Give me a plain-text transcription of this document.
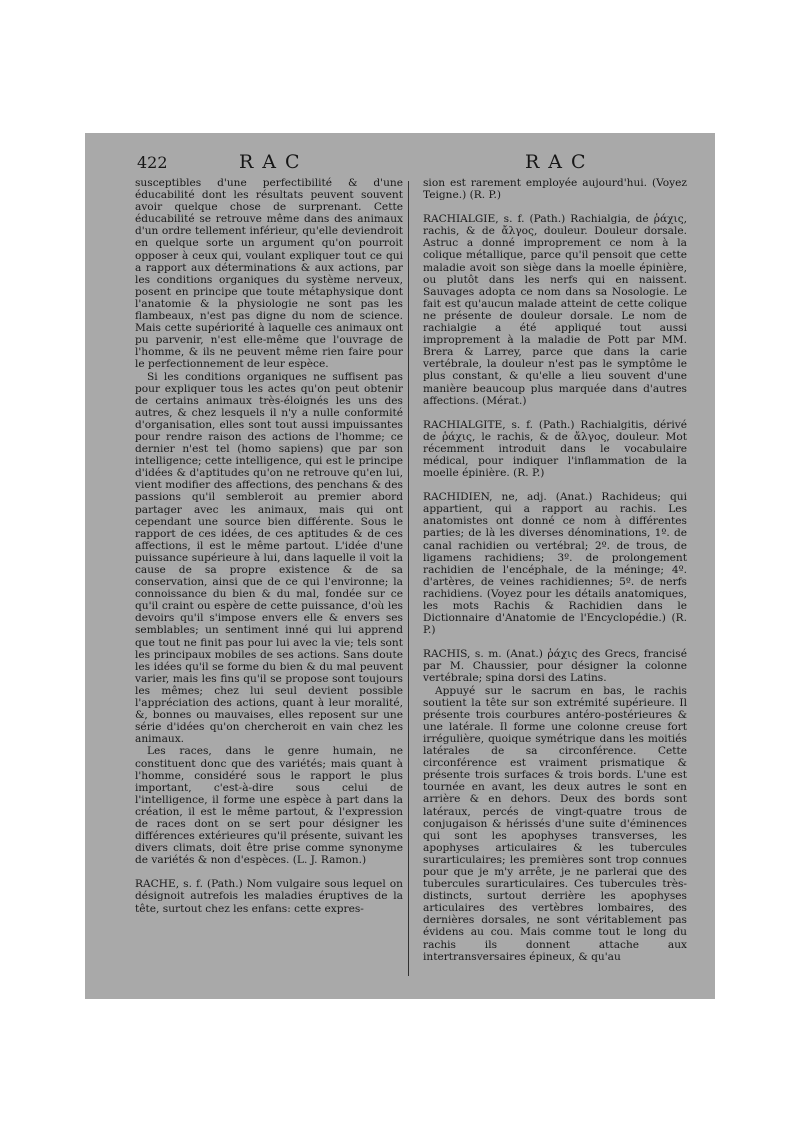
422	RAC	RAC

susceptibles d'une perfectibilité & d'une éducabilité dont les résultats peuvent souvent avoir quelque chose de surprenant. Cette éducabilité se retrouve même dans des animaux d'un ordre tellement inférieur, qu'elle deviendroit en quelque sorte un argument qu'on pourroit opposer à ceux qui, voulant expliquer tout ce qui a rapport aux déterminations & aux actions, par les conditions organiques du système nerveux, posent en principe que toute métaphysique dont l'anatomie & la physiologie ne sont pas les flambeaux, n'est pas digne du nom de science. Mais cette supériorité à laquelle ces animaux ont pu parvenir, n'est elle-même que l'ouvrage de l'homme, & ils ne peuvent même rien faire pour le perfectionnement de leur espèce.

Si les conditions organiques ne suffisent pas pour expliquer tous les actes qu'on peut obtenir de certains animaux très-éloignés les uns des autres, & chez lesquels il n'y a nulle conformité d'organisation, elles sont tout aussi impuissantes pour rendre raison des actions de l'homme; ce dernier n'est tel (homo sapiens) que par son intelligence; cette intelligence, qui est le principe d'idées & d'aptitudes qu'on ne retrouve qu'en lui, vient modifier des affections, des penchans & des passions qu'il sembleroit au premier abord partager avec les animaux, mais qui ont cependant une source bien différente. Sous le rapport de ces idées, de ces aptitudes & de ces affections, il est le même partout. L'idée d'une puissance supérieure à lui, dans laquelle il voit la cause de sa propre existence & de sa conservation, ainsi que de ce qui l'environne; la connoissance du bien & du mal, fondée sur ce qu'il craint ou espère de cette puissance, d'où les devoirs qu'il s'impose envers elle & envers ses semblables; un sentiment inné qui lui apprend que tout ne finit pas pour lui avec la vie; tels sont les principaux mobiles de ses actions. Sans doute les idées qu'il se forme du bien & du mal peuvent varier, mais les fins qu'il se propose sont toujours les mêmes; chez lui seul devient possible l'appréciation des actions, quant à leur moralité, &, bonnes ou mauvaises, elles reposent sur une série d'idées qu'on chercheroit en vain chez les animaux.

Les races, dans le genre humain, ne constituent donc que des variétés; mais quant à l'homme, considéré sous le rapport le plus important, c'est-à-dire sous celui de l'intelligence, il forme une espèce à part dans la création, il est le même partout, & l'expression de races dont on se sert pour désigner les différences extérieures qu'il présente, suivant les divers climats, doit être prise comme synonyme de variétés & non d'espèces. (L. J. Ramon.)

RACHE, s. f. (Path.) Nom vulgaire sous lequel on désignoit autrefois les maladies éruptives de la tête, surtout chez les enfans: cette expres-

sion est rarement employée aujourd'hui. (Voyez Teigne.) (R. P.)

RACHIALGIE, s. f. (Path.) Rachialgia, de ῥάχις, rachis, & de ἄλγος, douleur. Douleur dorsale. Astruc a donné improprement ce nom à la colique métallique, parce qu'il pensoit que cette maladie avoit son siège dans la moelle épinière, ou plutôt dans les nerfs qui en naissent. Sauvages adopta ce nom dans sa Nosologie. Le fait est qu'aucun malade atteint de cette colique ne présente de douleur dorsale. Le nom de rachialgie a été appliqué tout aussi improprement à la maladie de Pott par MM. Brera & Larrey, parce que dans la carie vertébrale, la douleur n'est pas le symptôme le plus constant, & qu'elle a lieu souvent d'une manière beaucoup plus marquée dans d'autres affections. (Mérat.)

RACHIALGITE, s. f. (Path.) Rachialgitis, dérivé de ῥάχις, le rachis, & de ἄλγος, douleur. Mot récemment introduit dans le vocabulaire médical, pour indiquer l'inflammation de la moelle épinière. (R. P.)

RACHIDIEN, ne, adj. (Anat.) Rachideus; qui appartient, qui a rapport au rachis. Les anatomistes ont donné ce nom à différentes parties; de là les diverses dénominations, 1º. de canal rachidien ou vertébral; 2º. de trous, de ligamens rachidiens; 3º. de prolongement rachidien de l'encéphale, de la méninge; 4º. d'artères, de veines rachidiennes; 5º. de nerfs rachidiens. (Voyez pour les détails anatomiques, les mots Rachis & Rachidien dans le Dictionnaire d'Anatomie de l'Encyclopédie.) (R. P.)

RACHIS, s. m. (Anat.) ῥάχις des Grecs, francisé par M. Chaussier, pour désigner la colonne vertébrale; spina dorsi des Latins.

Appuyé sur le sacrum en bas, le rachis soutient la tête sur son extrémité supérieure. Il présente trois courbures antéro-postérieures & une latérale. Il forme une colonne creuse fort irrégulière, quoique symétrique dans les moitiés latérales de sa circonférence. Cette circonférence est vraiment prismatique & présente trois surfaces & trois bords. L'une est tournée en avant, les deux autres le sont en arrière & en dehors. Deux des bords sont latéraux, percés de vingt-quatre trous de conjugaison & hérissés d'une suite d'éminences qui sont les apophyses transverses, les apophyses articulaires & les tubercules surarticulaires; les premières sont trop connues pour que je m'y arrête, je ne parlerai que des tubercules surarticulaires. Ces tubercules très-distincts, surtout derrière les apophyses articulaires des vertèbres lombaires, des dernières dorsales, ne sont véritablement pas évidens au cou. Mais comme tout le long du rachis ils donnent attache aux intertransversaires épineux, & qu'au
